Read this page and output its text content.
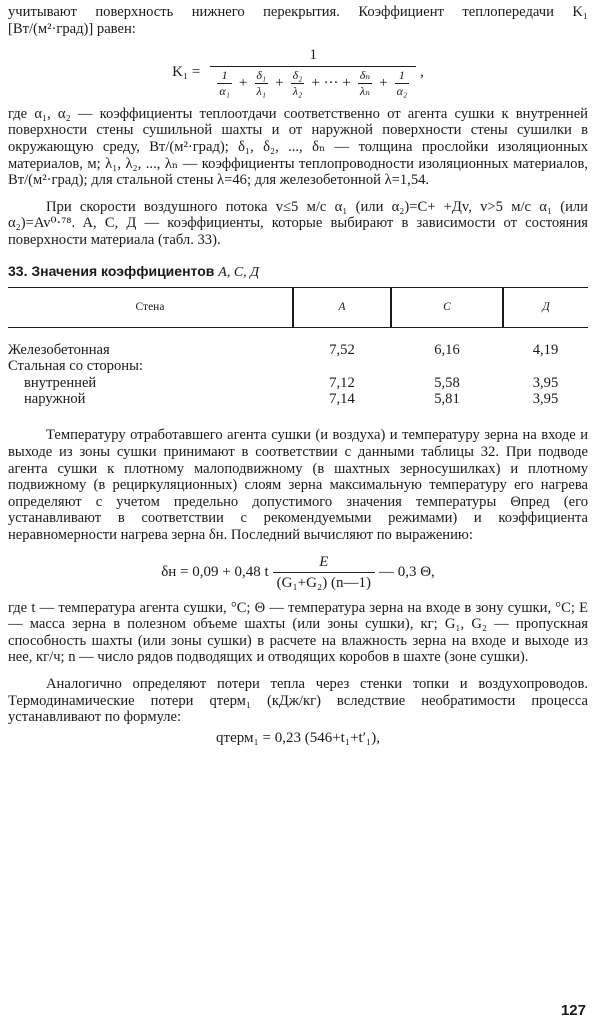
учитывают поверхность нижнего перекрытия. Коэффициент теплопередачи K₁ [Вт/(м²·град)] равен:

K₁ =
1
1
$\alpha_1 + \frac{\text{δ₁}}{\text{λ₁}} + \frac{\text{δ₂}}{\text{λ₂}}$ + ··· + $\frac{\text{δₙ}}{\text{λₙ}} + \frac{1}{\text{α₂}}$ ,

где α₁, α₂ — коэффициенты теплоотдачи соответственно от агента сушки к внутренней поверхности стены сушильной шахты и от наружной поверхности стены сушилки в окружающую среду, Вт/(м²·град); δ₁, δ₂, ..., δₙ — толщина прослойки изоляционных материалов, м; λ₁, λ₂, ..., λₙ — коэффициенты теплопроводности изоляционных материалов, Вт/(м²·град); для стальной стены λ=46; для железобетонной λ=1,54.

При скорости воздушного потока v≤5 м/с α₁ (или α₂)=C+ +Дv, v>5 м/с α₁ (или α₂)=Av⁰·⁷⁸. A, C, Д — коэффициенты, которые выбирают в зависимости от состояния поверхности материала (табл. 33).

33. Значения коэффициентов A, C, Д
Стена	A	C	Д
Железобетонная	7,52	6,16	4,19
Стальная со стороны:			
внутренней	7,12	5,58	3,95
наружной	7,14	5,81	3,95

Температуру отработавшего агента сушки (и воздуха) и температуру зерна на входе и выходе из зоны сушки принимают в соответствии с данными таблицы 32. При подводе агента сушки к плотному малоподвижному (в шахтных зерносушилках) и плотному подвижному (в рециркуляционных) слоям зерна максимальную температуру его нагрева определяют с учетом предельно допустимого значения температуры Θпред (его устанавливают в соответствии с рекомендуемыми режимами) и коэффициента неравномерности нагрева зерна δн. Последний вычисляют по выражению:

δн = 0,09 + 0,48 t $\frac{E}{\text{(G₁+G₂) (n—1)}}$ — 0,3 Θ,

где t — температура агента сушки, °С; Θ — температура зерна на входе в зону сушки, °С; E — масса зерна в полезном объеме шахты (или зоны сушки), кг; G₁, G₂ — пропускная способность шахты (или зоны сушки) в расчете на влажность зерна на входе и выходе из нее, кг/ч; n — число рядов подводящих и отводящих коробов в шахте (зоне сушки).

Аналогично определяют потери тепла через стенки топки и воздухопроводов. Термодинамические потери qтерм₁ (кДж/кг) вследствие необратимости процесса устанавливают по формуле:

qтерм₁ = 0,23 (546+t₁+t′₁),
127
